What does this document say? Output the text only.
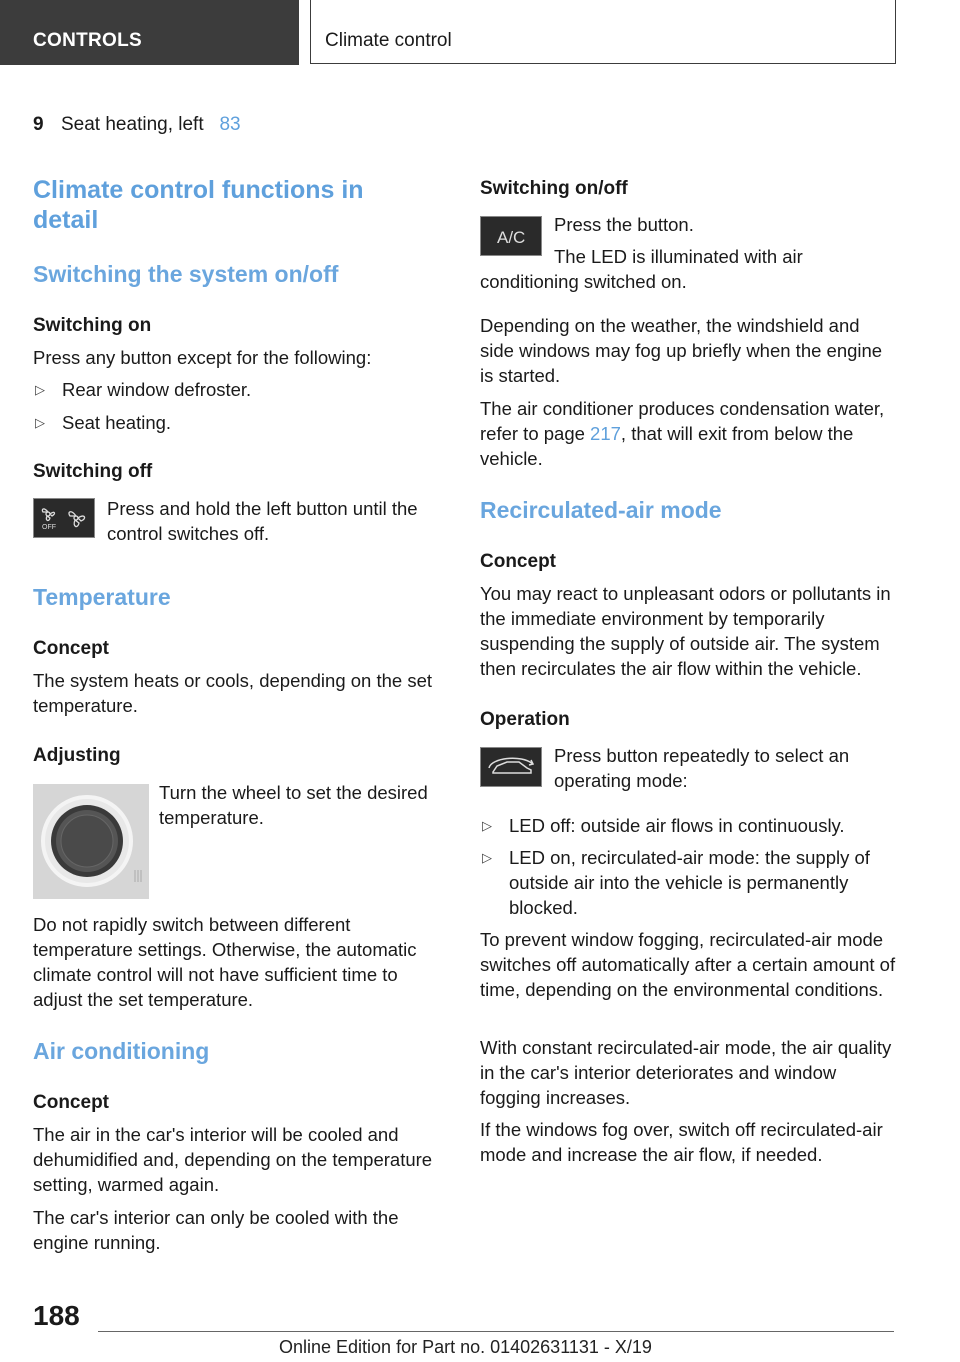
CONTROLS	Climate control
9 Seat heating, left 83
Climate control functions in detail
Switching the system on/off
Switching on
Press any button except for the following:
▷ Rear window defroster.
▷ Seat heating.
Switching off
OFF
Press and hold the left button until the control switches off.
Temperature
Concept
The system heats or cools, depending on the set temperature.
Adjusting
Turn the wheel to set the desired temperature.
Do not rapidly switch between different temperature settings. Otherwise, the automatic climate control will not have sufficient time to adjust the set temperature.
Air conditioning
Concept
The air in the car's interior will be cooled and dehumidified and, depending on the temperature setting, warmed again.
The car's interior can only be cooled with the engine running.
Switching on/off
A/C
Press the button.
The LED is illuminated with air conditioning switched on.
Depending on the weather, the windshield and side windows may fog up briefly when the engine is started.
The air conditioner produces condensation water, refer to page 217, that will exit from below the vehicle.
Recirculated-air mode
Concept
You may react to unpleasant odors or pollutants in the immediate environment by temporarily suspending the supply of outside air. The system then recirculates the air flow within the vehicle.
Operation
Press button repeatedly to select an operating mode:
▷ LED off: outside air flows in continuously.
▷ LED on, recirculated-air mode: the supply of outside air into the vehicle is permanently blocked.
To prevent window fogging, recirculated-air mode switches off automatically after a certain amount of time, depending on the environmental conditions.
With constant recirculated-air mode, the air quality in the car's interior deteriorates and window fogging increases.
If the windows fog over, switch off recirculated-air mode and increase the air flow, if needed.
188
Online Edition for Part no. 01402631131 - X/19
